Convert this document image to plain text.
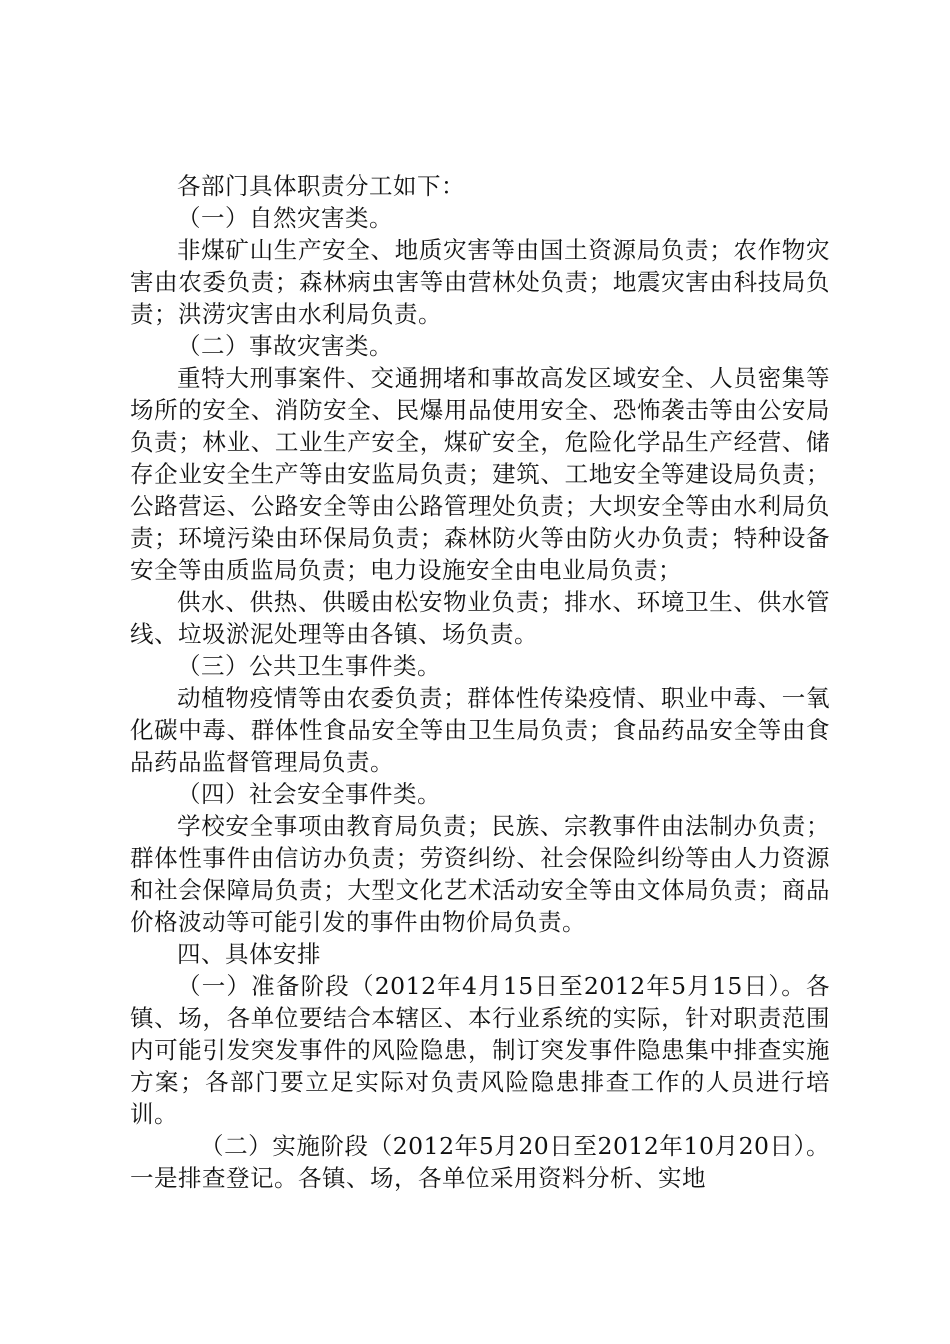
各部门具体职责分工如下：

（一）自然灾害类。

非煤矿山生产安全、地质灾害等由国土资源局负责；农作物灾害由农委负责；森林病虫害等由营林处负责；地震灾害由科技局负责；洪涝灾害由水利局负责。

（二）事故灾害类。

重特大刑事案件、交通拥堵和事故高发区域安全、人员密集等场所的安全、消防安全、民爆用品使用安全、恐怖袭击等由公安局负责；林业、工业生产安全，煤矿安全，危险化学品生产经营、储存企业安全生产等由安监局负责；建筑、工地安全等建设局负责；公路营运、公路安全等由公路管理处负责；大坝安全等由水利局负责；环境污染由环保局负责；森林防火等由防火办负责；特种设备安全等由质监局负责；电力设施安全由电业局负责；

供水、供热、供暖由松安物业负责；排水、环境卫生、供水管线、垃圾淤泥处理等由各镇、场负责。

（三）公共卫生事件类。

动植物疫情等由农委负责；群体性传染疫情、职业中毒、一氧化碳中毒、群体性食品安全等由卫生局负责；食品药品安全等由食品药品监督管理局负责。

（四）社会安全事件类。

学校安全事项由教育局负责；民族、宗教事件由法制办负责；群体性事件由信访办负责；劳资纠纷、社会保险纠纷等由人力资源和社会保障局负责；大型文化艺术活动安全等由文体局负责；商品价格波动等可能引发的事件由物价局负责。

四、具体安排

（一）准备阶段（2012年4月15日至2012年5月15日）。各镇、场，各单位要结合本辖区、本行业系统的实际，针对职责范围内可能引发突发事件的风险隐患，制订突发事件隐患集中排查实施方案；各部门要立足实际对负责风险隐患排查工作的人员进行培训。

（二）实施阶段（2012年5月20日至2012年10月20日）。一是排查登记。各镇、场，各单位采用资料分析、实地
